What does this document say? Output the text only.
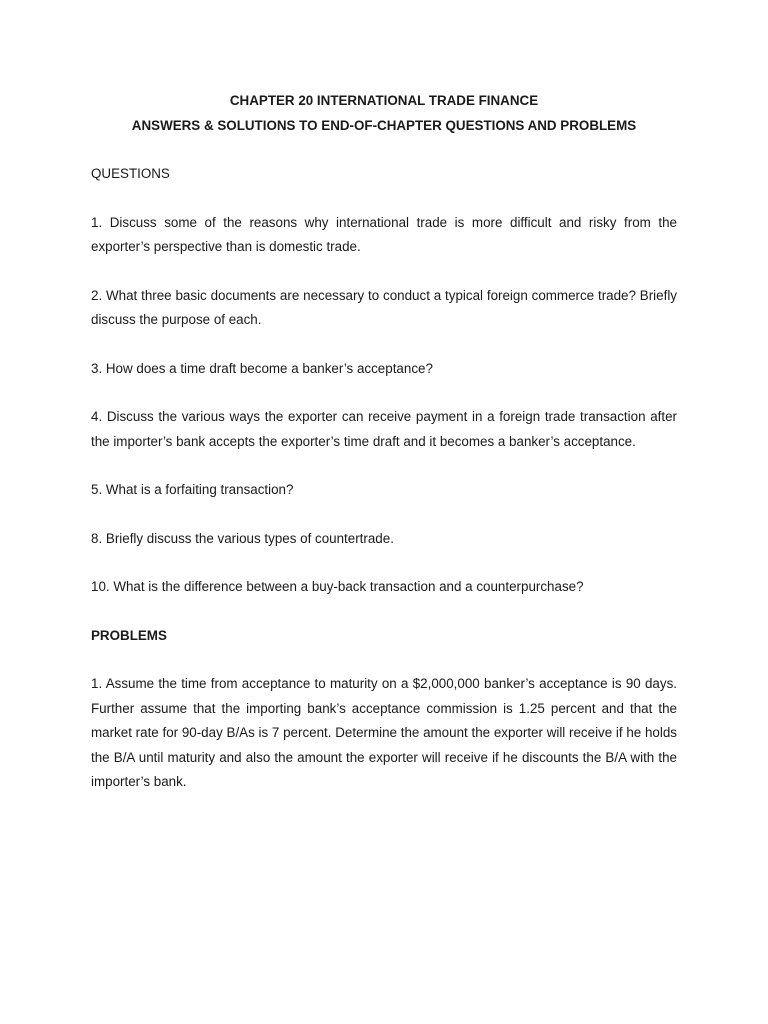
CHAPTER 20 INTERNATIONAL TRADE FINANCE
ANSWERS & SOLUTIONS TO END-OF-CHAPTER QUESTIONS AND PROBLEMS
QUESTIONS

1. Discuss some of the reasons why international trade is more difficult and risky from the exporter’s perspective than is domestic trade.

2. What three basic documents are necessary to conduct a typical foreign commerce trade? Briefly discuss the purpose of each.

3. How does a time draft become a banker’s acceptance?

4. Discuss the various ways the exporter can receive payment in a foreign trade transaction after the importer’s bank accepts the exporter’s time draft and it becomes a banker’s acceptance.

5. What is a forfaiting transaction?

8. Briefly discuss the various types of countertrade.

10. What is the difference between a buy-back transaction and a counterpurchase?

PROBLEMS

1. Assume the time from acceptance to maturity on a $2,000,000 banker’s acceptance is 90 days. Further assume that the importing bank’s acceptance commission is 1.25 percent and that the market rate for 90-day B/As is 7 percent. Determine the amount the exporter will receive if he holds the B/A until maturity and also the amount the exporter will receive if he discounts the B/A with the importer’s bank.
